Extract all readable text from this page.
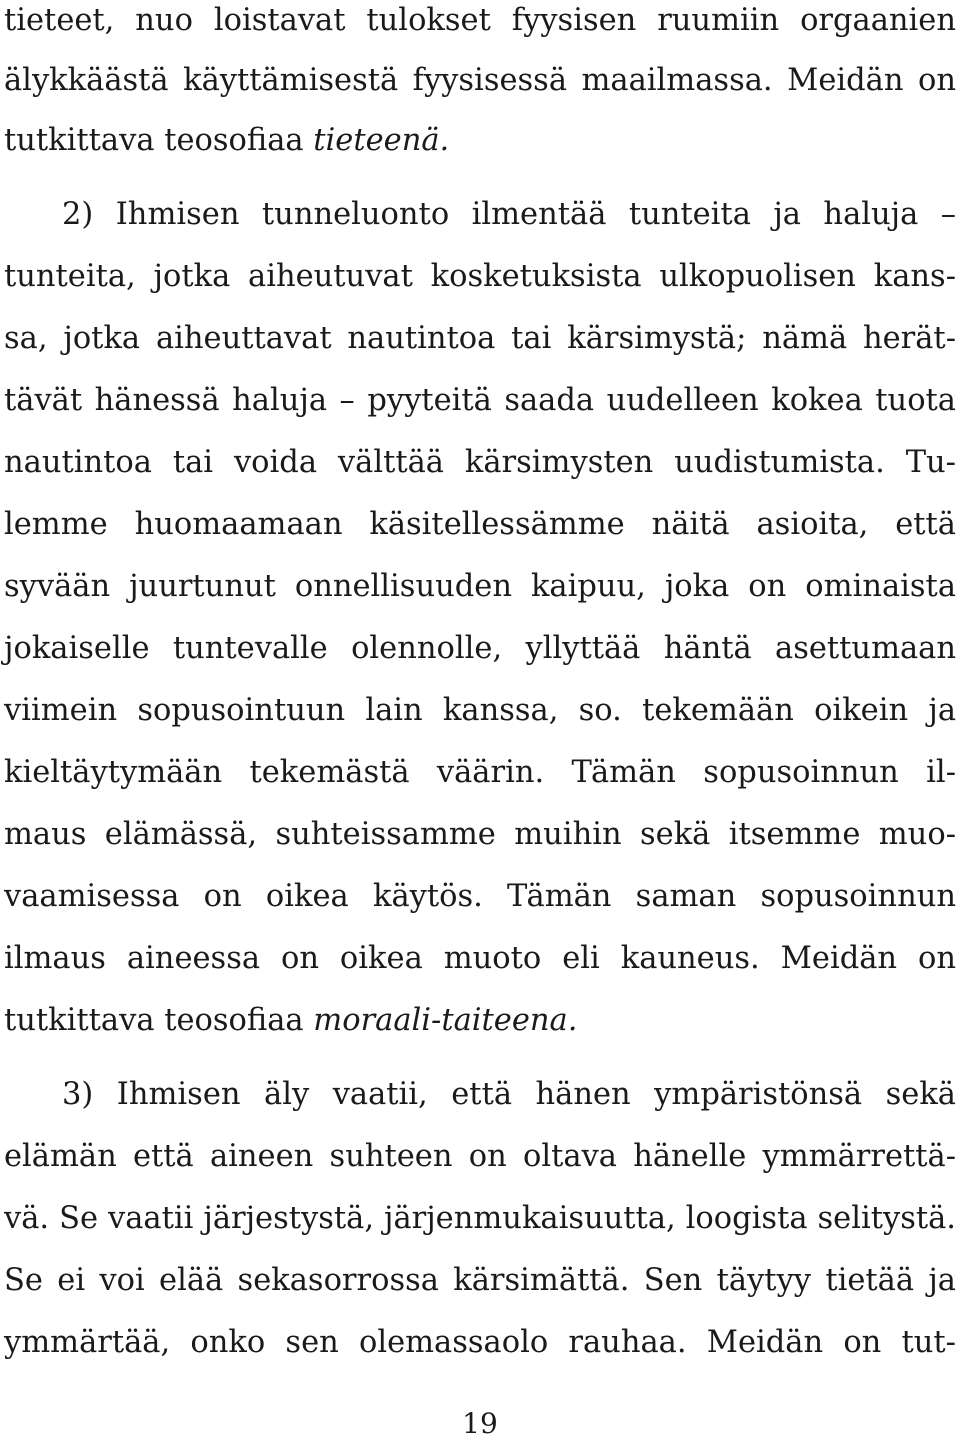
tieteet, nuo loistavat tulokset fyysisen ruumiin orgaanien
älykkäästä käyttämisestä fyysisessä maailmassa. Meidän on
tutkittava teosofiaa tieteenä.
2) Ihmisen tunneluonto ilmentää tunteita ja haluja –
tunteita, jotka aiheutuvat kosketuksista ulkopuolisen kans-
sa, jotka aiheuttavat nautintoa tai kärsimystä; nämä herät-
tävät hänessä haluja – pyyteitä saada uudelleen kokea tuota
nautintoa tai voida välttää kärsimysten uudistumista. Tu-
lemme huomaamaan käsitellessämme näitä asioita, että
syvään juurtunut onnellisuuden kaipuu, joka on ominaista
jokaiselle tuntevalle olennolle, yllyttää häntä asettumaan
viimein sopusointuun lain kanssa, so. tekemään oikein ja
kieltäytymään tekemästä väärin. Tämän sopusoinnun il-
maus elämässä, suhteissamme muihin sekä itsemme muo-
vaamisessa on oikea käytös. Tämän saman sopusoinnun
ilmaus aineessa on oikea muoto eli kauneus. Meidän on
tutkittava teosofiaa moraali-taiteena.
3) Ihmisen äly vaatii, että hänen ympäristönsä sekä
elämän että aineen suhteen on oltava hänelle ymmärrettä-
vä. Se vaatii järjestystä, järjenmukaisuutta, loogista selitystä.
Se ei voi elää sekasorrossa kärsimättä. Sen täytyy tietää ja
ymmärtää, onko sen olemassaolo rauhaa. Meidän on tut-
19
